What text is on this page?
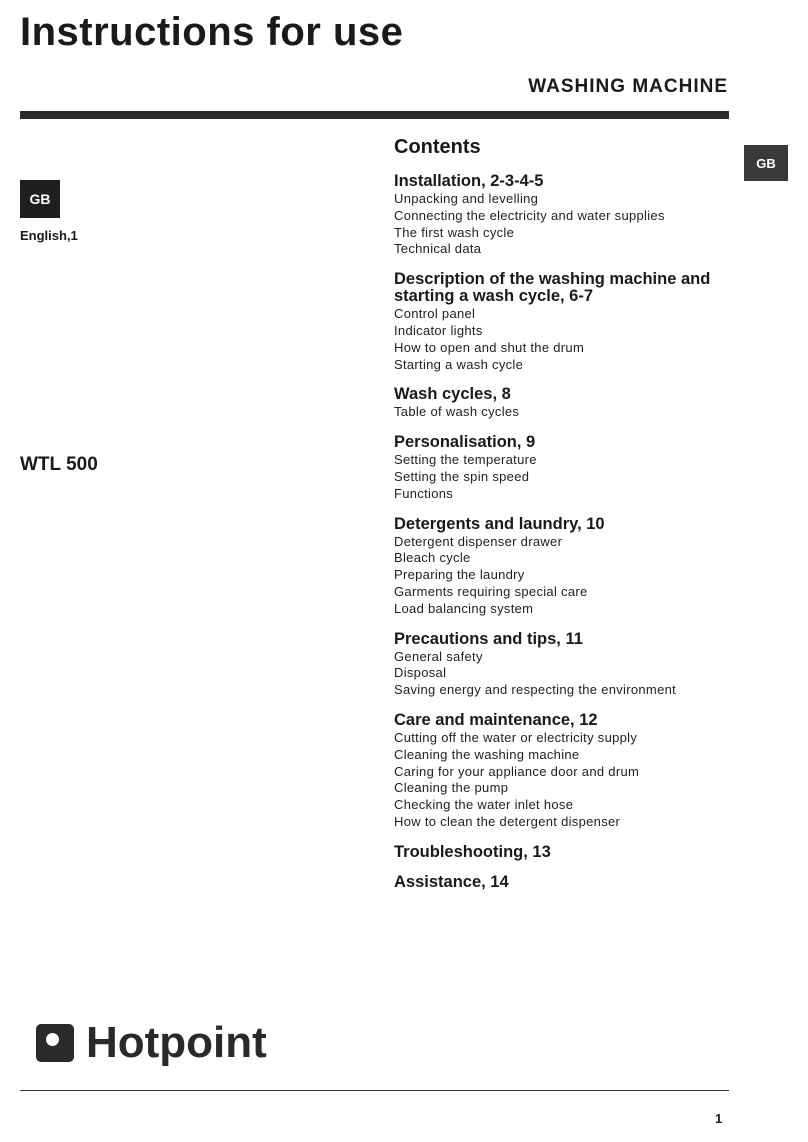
Instructions for use
WASHING MACHINE
GB
English,1
WTL 500
GB
Contents
Installation, 2-3-4-5
Unpacking and levelling
Connecting the electricity and water supplies
The first wash cycle
Technical data
Description of the washing machine and starting a wash cycle, 6-7
Control panel
Indicator lights
How to open and shut the drum
Starting a wash cycle
Wash cycles, 8
Table of wash cycles
Personalisation, 9
Setting the temperature
Setting the spin speed
Functions
Detergents and laundry, 10
Detergent dispenser drawer
Bleach cycle
Preparing the laundry
Garments requiring special care
Load balancing system
Precautions and tips, 11
General safety
Disposal
Saving energy and respecting the environment
Care and maintenance, 12
Cutting off the water or electricity supply
Cleaning the washing machine
Caring for your appliance door and drum
Cleaning the pump
Checking the water inlet hose
How to clean the detergent dispenser
Troubleshooting, 13
Assistance, 14
Hotpoint
1
